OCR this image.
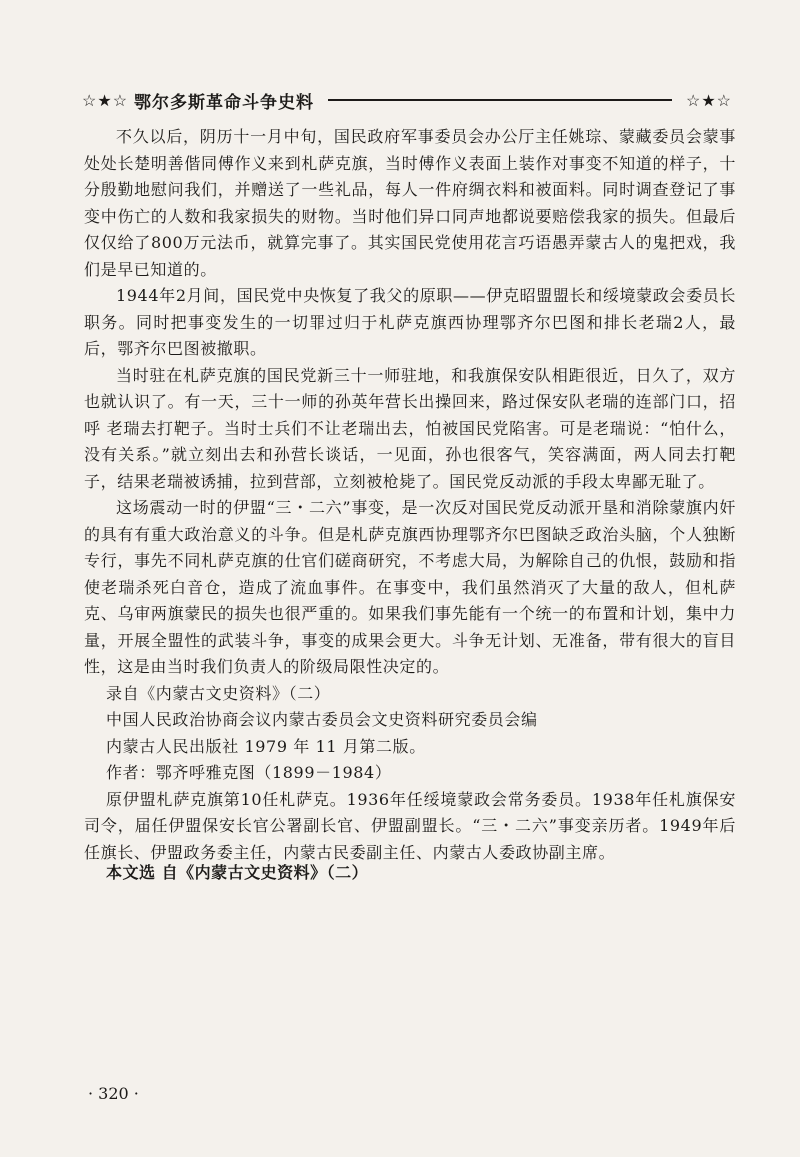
☆★☆ 鄂尔多斯革命斗争史料	☆★☆

不久以后，阴历十一月中旬，国民政府军事委员会办公厅主任姚琮、蒙藏委员会蒙事处处长楚明善偕同傅作义来到札萨克旗，当时傅作义表面上装作对事变不知道的样子，十分殷勤地慰问我们，并赠送了一些礼品，每人一件府绸衣料和被面料。同时调查登记了事变中伤亡的人数和我家损失的财物。当时他们异口同声地都说要赔偿我家的损失。但最后仅仅给了800万元法币，就算完事了。其实国民党使用花言巧语愚弄蒙古人的鬼把戏，我们是早已知道的。

1944年2月间，国民党中央恢复了我父的原职——伊克昭盟盟长和绥境蒙政会委员长职务。同时把事变发生的一切罪过归于札萨克旗西协理鄂齐尔巴图和排长老瑞2人，最后，鄂齐尔巴图被撤职。

当时驻在札萨克旗的国民党新三十一师驻地，和我旗保安队相距很近，日久了，双方也就认识了。有一天，三十一师的孙英年营长出操回来，路过保安队老瑞的连部门口，招呼 老瑞去打靶子。当时士兵们不让老瑞出去，怕被国民党陷害。可是老瑞说：“怕什么，没有关系。”就立刻出去和孙营长谈话，一见面，孙也很客气，笑容满面，两人同去打靶子，结果老瑞被诱捕，拉到营部，立刻被枪毙了。国民党反动派的手段太卑鄙无耻了。

这场震动一时的伊盟“三・二六”事变，是一次反对国民党反动派开垦和消除蒙旗内奸的具有有重大政治意义的斗争。但是札萨克旗西协理鄂齐尔巴图缺乏政治头脑，个人独断专行，事先不同札萨克旗的仕官们磋商研究，不考虑大局，为解除自己的仇恨，鼓励和指使老瑞杀死白音仓，造成了流血事件。在事变中，我们虽然消灭了大量的敌人，但札萨克、乌审两旗蒙民的损失也很严重的。如果我们事先能有一个统一的布置和计划，集中力量，开展全盟性的武装斗争，事变的成果会更大。斗争无计划、无准备，带有很大的盲目性，这是由当时我们负责人的阶级局限性决定的。

录自《内蒙古文史资料》（二）

中国人民政治协商会议内蒙古委员会文史资料研究委员会编

内蒙古人民出版社 1979 年 11 月第二版。

作者：鄂齐呼雅克图（1899－1984）

原伊盟札萨克旗第10任札萨克。1936年任绥境蒙政会常务委员。1938年任札旗保安司令，届任伊盟保安长官公署副长官、伊盟副盟长。“三・二六”事变亲历者。1949年后任旗长、伊盟政务委主任，内蒙古民委副主任、内蒙古人委政协副主席。

本文选 自《内蒙古文史资料》（二）
· 320 ·
